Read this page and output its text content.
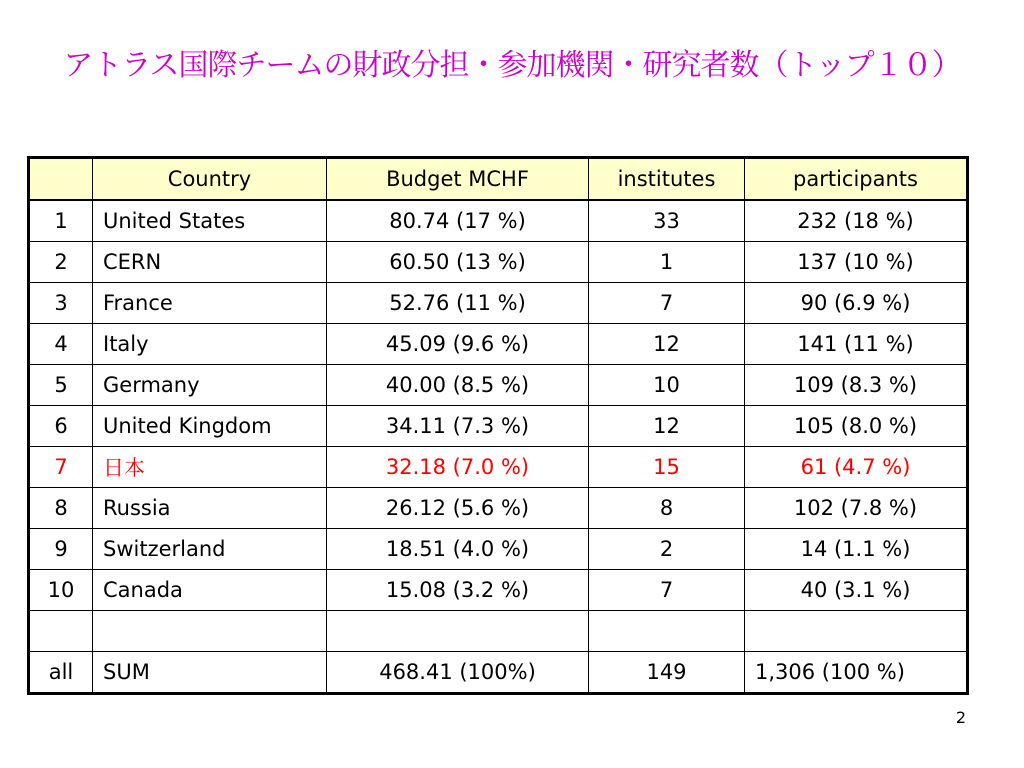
アトラス国際チームの財政分担・参加機関・研究者数（トップ１０）
	Country	Budget MCHF	institutes	participants
1	United States	80.74 (17 %)	33	232 (18 %)
2	CERN	60.50 (13 %)	1	137 (10 %)
3	France	52.76 (11 %)	7	90 (6.9 %)
4	Italy	45.09 (9.6 %)	12	141 (11 %)
5	Germany	40.00 (8.5 %)	10	109 (8.3 %)
6	United Kingdom	34.11 (7.3 %)	12	105 (8.0 %)
7	日本	32.18 (7.0 %)	15	61 (4.7 %)
8	Russia	26.12 (5.6 %)	8	102 (7.8 %)
9	Switzerland	18.51 (4.0 %)	2	14 (1.1 %)
10	Canada	15.08 (3.2 %)	7	40 (3.1 %)

all	SUM	468.41 (100%)	149	1,306 (100 %)
2
